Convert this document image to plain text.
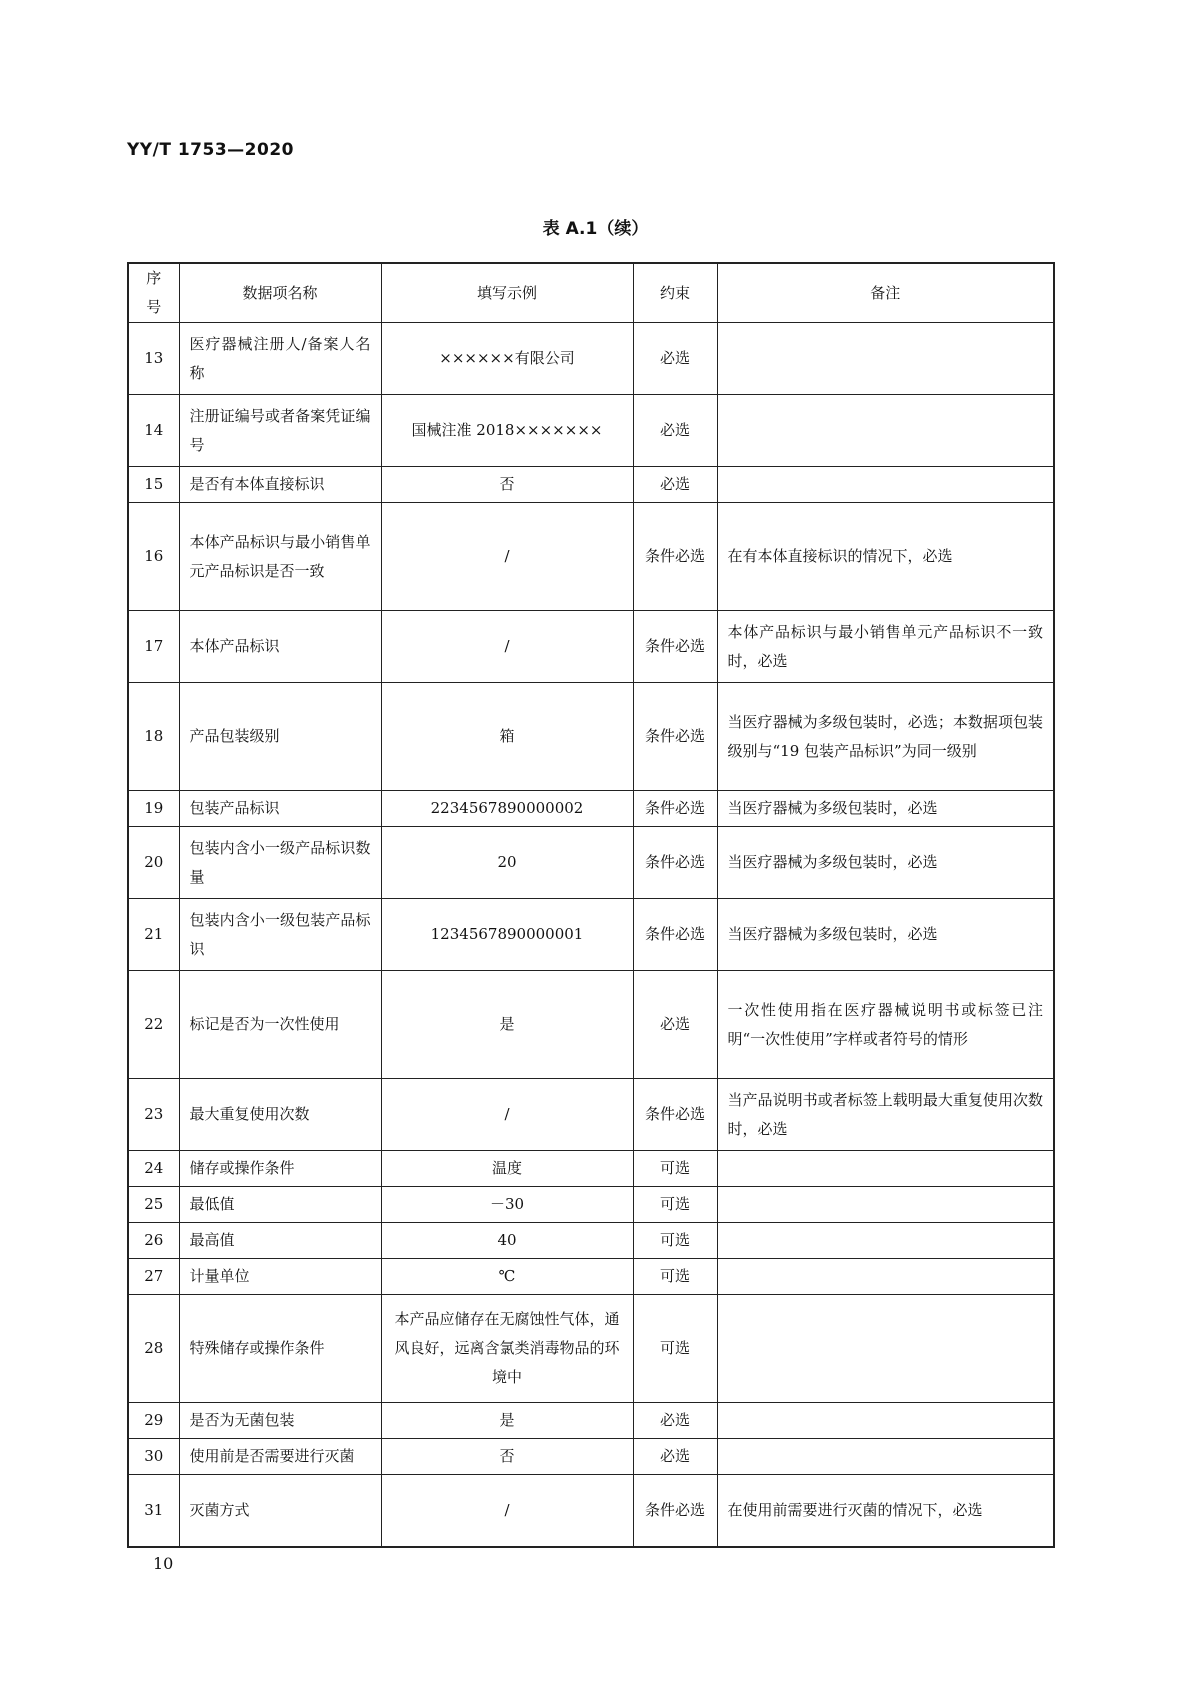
YY/T 1753—2020
表 A.1（续）
序号	数据项名称	填写示例	约束	备注
13	医疗器械注册人/备案人名称	××××××有限公司	必选	
14	注册证编号或者备案凭证编号	国械注准 2018×××××××	必选	
15	是否有本体直接标识	否	必选	
16	本体产品标识与最小销售单元产品标识是否一致	/	条件必选	在有本体直接标识的情况下，必选
17	本体产品标识	/	条件必选	本体产品标识与最小销售单元产品标识不一致时，必选
18	产品包装级别	箱	条件必选	当医疗器械为多级包装时，必选；本数据项包装级别与“19 包装产品标识”为同一级别
19	包装产品标识	2234567890000002	条件必选	当医疗器械为多级包装时，必选
20	包装内含小一级产品标识数量	20	条件必选	当医疗器械为多级包装时，必选
21	包装内含小一级包装产品标识	1234567890000001	条件必选	当医疗器械为多级包装时，必选
22	标记是否为一次性使用	是	必选	一次性使用指在医疗器械说明书或标签已注明“一次性使用”字样或者符号的情形
23	最大重复使用次数	/	条件必选	当产品说明书或者标签上载明最大重复使用次数时，必选
24	储存或操作条件	温度	可选	
25	最低值	－30	可选	
26	最高值	40	可选	
27	计量单位	℃	可选	
28	特殊储存或操作条件	本产品应储存在无腐蚀性气体，通风良好，远离含氯类消毒物品的环境中	可选	
29	是否为无菌包装	是	必选	
30	使用前是否需要进行灭菌	否	必选	
31	灭菌方式	/	条件必选	在使用前需要进行灭菌的情况下，必选
10
